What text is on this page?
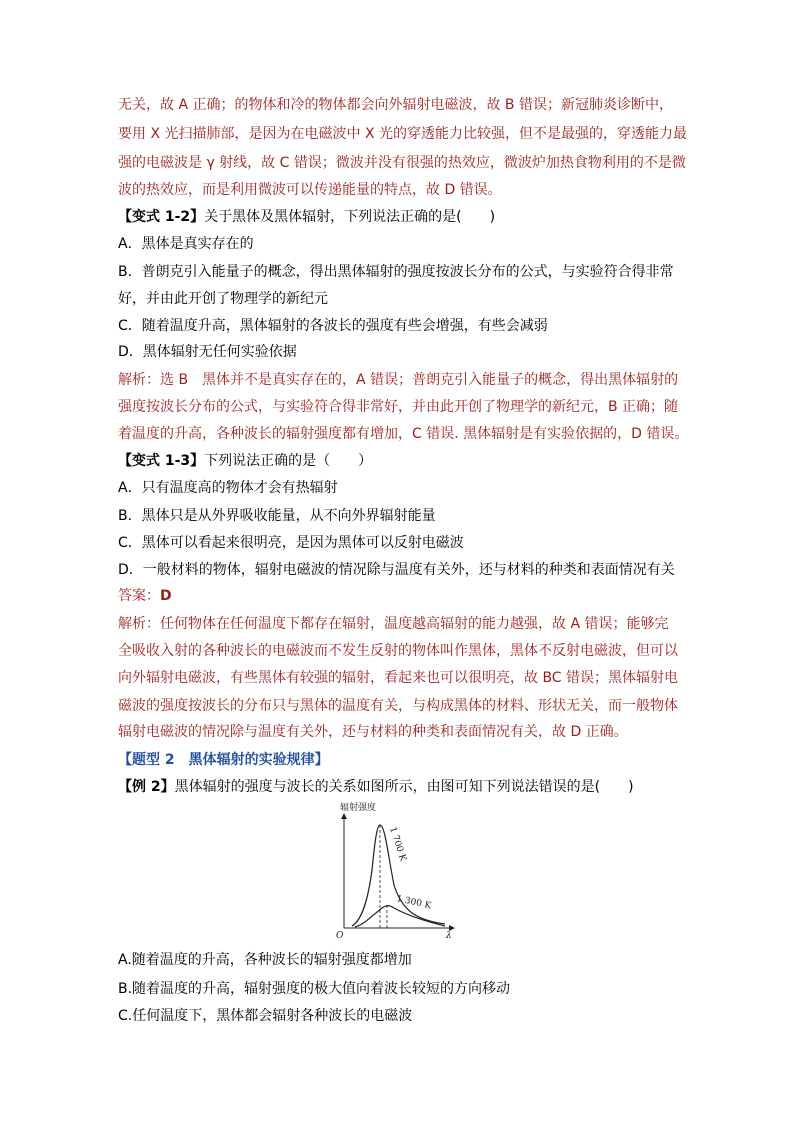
无关，故 A 正确；的物体和冷的物体都会向外辐射电磁波，故 B 错误；新冠肺炎诊断中，
要用 X 光扫描肺部，是因为在电磁波中 X 光的穿透能力比较强，但不是最强的，穿透能力最
强的电磁波是 γ 射线，故 C 错误；微波并没有很强的热效应，微波炉加热食物利用的不是微
波的热效应，而是利用微波可以传递能量的特点，故 D 错误。
【变式 1-2】关于黑体及黑体辐射，下列说法正确的是(　　)
A．黑体是真实存在的
B．普朗克引入能量子的概念，得出黑体辐射的强度按波长分布的公式，与实验符合得非常
好，并由此开创了物理学的新纪元
C．随着温度升高，黑体辐射的各波长的强度有些会增强，有些会减弱
D．黑体辐射无任何实验依据
解析：选 B　黑体并不是真实存在的，A 错误；普朗克引入能量子的概念，得出黑体辐射的
强度按波长分布的公式，与实验符合得非常好，并由此开创了物理学的新纪元，B 正确；随
着温度的升高，各种波长的辐射强度都有增加，C 错误. 黑体辐射是有实验依据的，D 错误。
【变式 1-3】下列说法正确的是（　　）
A．只有温度高的物体才会有热辐射
B．黑体只是从外界吸收能量，从不向外界辐射能量
C．黑体可以看起来很明亮，是因为黑体可以反射电磁波
D．一般材料的物体，辐射电磁波的情况除与温度有关外，还与材料的种类和表面情况有关
答案：D
解析：任何物体在任何温度下都存在辐射，温度越高辐射的能力越强，故 A 错误；能够完
全吸收入射的各种波长的电磁波而不发生反射的物体叫作黑体，黑体不反射电磁波，但可以
向外辐射电磁波，有些黑体有较强的辐射，看起来也可以很明亮，故 BC 错误；黑体辐射电
磁波的强度按波长的分布只与黑体的温度有关，与构成黑体的材料、形状无关，而一般物体
辐射电磁波的情况除与温度有关外，还与材料的种类和表面情况有关，故 D 正确。
【题型 2　黑体辐射的实验规律】
【例 2】黑体辐射的强度与波长的关系如图所示，由图可知下列说法错误的是(　　)
辐射强度
O	λ
1 700 K
1 300 K
A.随着温度的升高，各种波长的辐射强度都增加
B.随着温度的升高，辐射强度的极大值向着波长较短的方向移动
C.任何温度下，黑体都会辐射各种波长的电磁波
